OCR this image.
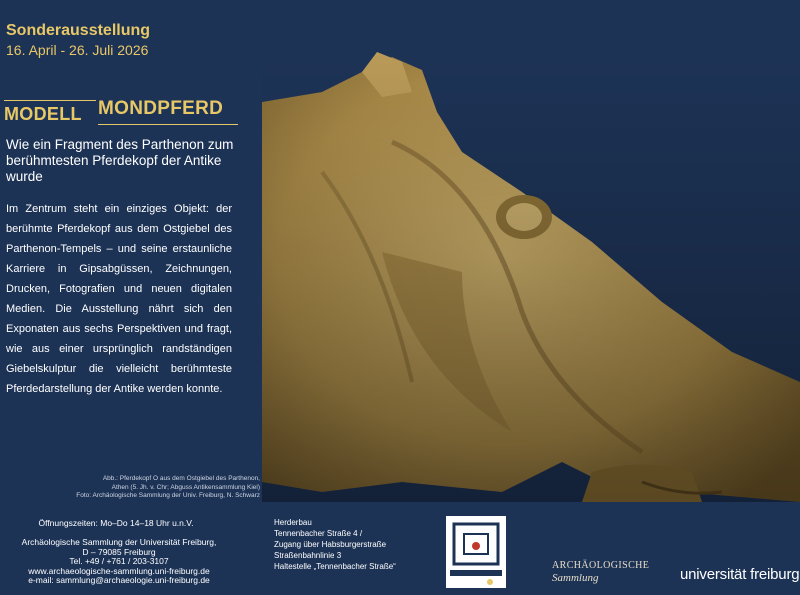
Sonderausstellung
16. April - 26. Juli 2026
MODELL MONDPFERD
Wie ein Fragment des Parthenon zum berühmtesten Pferdekopf der Antike wurde
Im Zentrum steht ein einziges Objekt: der berühmte Pferdekopf aus dem Ostgiebel des Parthenon-Tempels – und seine erstaunliche Karriere in Gipsabgüssen, Zeichnungen, Drucken, Fotografien und neuen digitalen Medien. Die Ausstellung nährt sich den Exponaten aus sechs Perspektiven und fragt, wie aus einer ursprünglich randständigen Giebelskulptur die vielleicht berühmteste Pferdedarstellung der Antike werden konnte.
Abb.: Pferdekopf O aus dem Ostgiebel des Parthenon,
Athen (5. Jh. v. Chr; Abguss Antikensammlung Kiel)
Foto: Archäologische Sammlung der Univ. Freiburg, N. Schwarz
Öffnungszeiten: Mo–Do 14–18 Uhr u.n.V.
Archäologische Sammlung der Universität Freiburg,
D – 79085 Freiburg
Tel. +49 / +761 / 203-3107
www.archaeologische-sammlung.uni-freiburg.de
e-mail: sammlung@archaeologie.uni-freiburg.de
Herderbau
Tennenbacher Straße 4 /
Zugang über Habsburgerstraße
Straßenbahnlinie 3
Haltestelle „Tennenbacher Straße“	ARCHÄOLOGISCHE
Sammlung	universität freiburg
